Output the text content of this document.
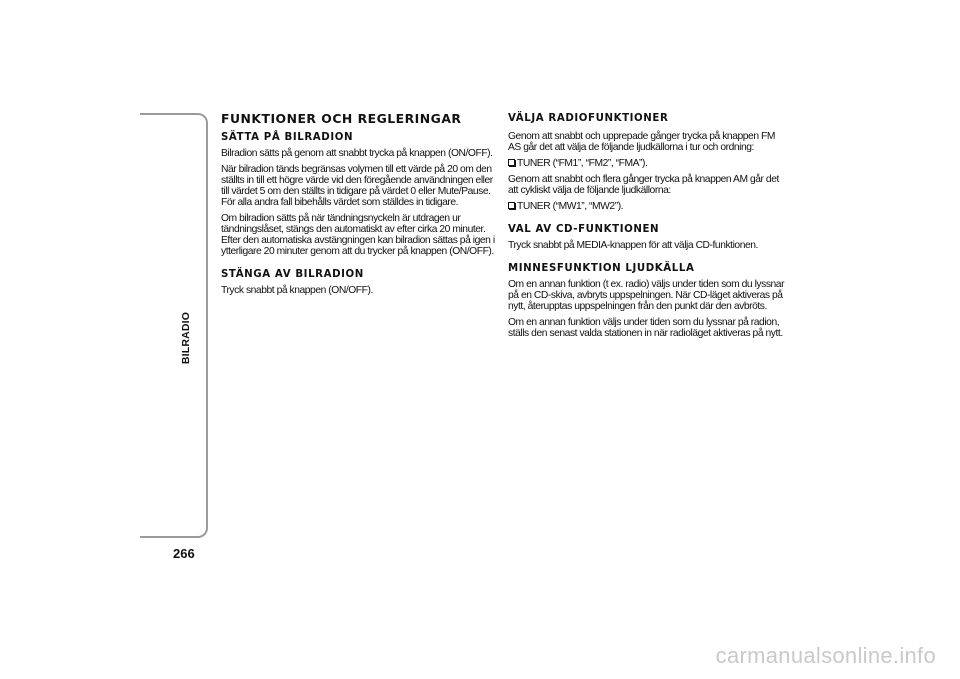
BILRADIO
266
FUNKTIONER OCH REGLERINGAR
SÄTTA PÅ BILRADION

Bilradion sätts på genom att snabbt trycka på knappen (ON/OFF).

När bilradion tänds begränsas volymen till ett värde på 20 om den ställts in till ett högre värde vid den föregående användningen eller till värdet 5 om den ställts in tidigare på värdet 0 eller Mute/Pause. För alla andra fall bibehålls värdet som ställdes in tidigare.

Om bilradion sätts på när tändningsnyckeln är utdragen ur tändningslåset, stängs den automatiskt av efter cirka 20 minuter. Efter den automatiska avstängningen kan bilradion sättas på igen i ytterligare 20 minuter genom att du trycker på knappen (ON/OFF).

STÄNGA AV BILRADION

Tryck snabbt på knappen (ON/OFF).

VÄLJA RADIOFUNKTIONER

Genom att snabbt och upprepade gånger trycka på knappen FM AS går det att välja de följande ljudkällorna i tur och ordning:

TUNER (“FM1”, “FM2”, “FMA”).

Genom att snabbt och flera gånger trycka på knappen AM går det att cykliskt välja de följande ljudkällorna:

TUNER (“MW1”, “MW2”).
VAL AV CD-FUNKTIONEN

Tryck snabbt på MEDIA-knappen för att välja CD-funktionen.

MINNESFUNKTION LJUDKÄLLA

Om en annan funktion (t ex. radio) väljs under tiden som du lyssnar på en CD-skiva, avbryts uppspelningen. När CD-läget aktiveras på nytt, återupptas uppspelningen från den punkt där den avbröts.

Om en annan funktion väljs under tiden som du lyssnar på radion, ställs den senast valda stationen in när radioläget aktiveras på nytt.

carmanualsonline.info
